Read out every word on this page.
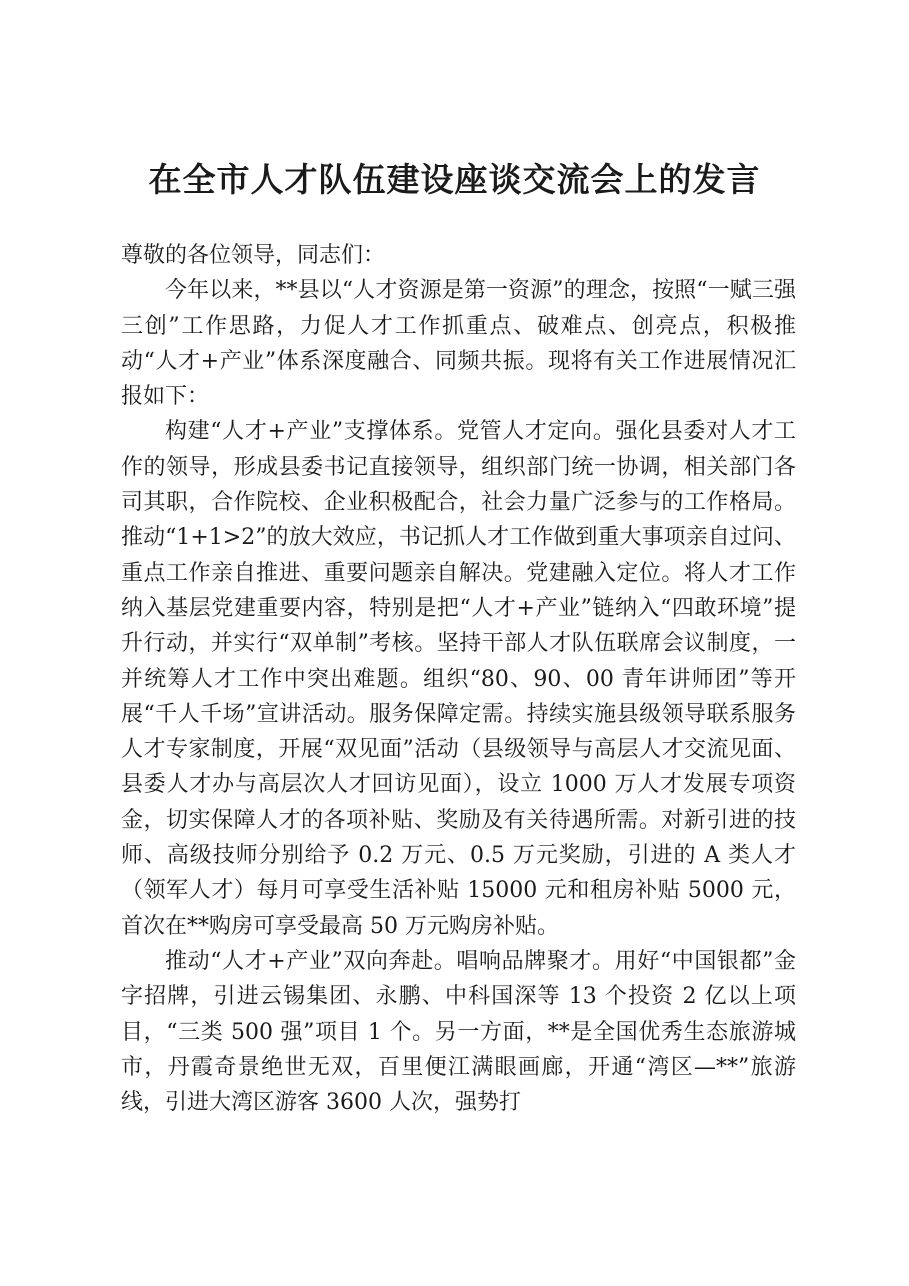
在全市人才队伍建设座谈交流会上的发言

尊敬的各位领导，同志们：

今年以来，**县以“人才资源是第一资源”的理念，按照“一赋三强三创”工作思路，力促人才工作抓重点、破难点、创亮点，积极推动“人才+产业”体系深度融合、同频共振。现将有关工作进展情况汇报如下：

构建“人才+产业”支撑体系。党管人才定向。强化县委对人才工作的领导，形成县委书记直接领导，组织部门统一协调，相关部门各司其职，合作院校、企业积极配合，社会力量广泛参与的工作格局。推动“1+1>2”的放大效应，书记抓人才工作做到重大事项亲自过问、重点工作亲自推进、重要问题亲自解决。党建融入定位。将人才工作纳入基层党建重要内容，特别是把“人才+产业”链纳入“四敢环境”提升行动，并实行“双单制”考核。坚持干部人才队伍联席会议制度，一并统筹人才工作中突出难题。组织“80、90、00 青年讲师团”等开展“千人千场”宣讲活动。服务保障定需。持续实施县级领导联系服务人才专家制度，开展“双见面”活动（县级领导与高层人才交流见面、县委人才办与高层次人才回访见面），设立 1000 万人才发展专项资金，切实保障人才的各项补贴、奖励及有关待遇所需。对新引进的技师、高级技师分别给予 0.2 万元、0.5 万元奖励，引进的 A 类人才（领军人才）每月可享受生活补贴 15000 元和租房补贴 5000 元，首次在**购房可享受最高 50 万元购房补贴。

推动“人才+产业”双向奔赴。唱响品牌聚才。用好“中国银都”金字招牌，引进云锡集团、永鹏、中科国深等 13 个投资 2 亿以上项目，“三类 500 强”项目 1 个。另一方面，**是全国优秀生态旅游城市，丹霞奇景绝世无双，百里便江满眼画廊，开通“湾区—**”旅游线，引进大湾区游客 3600 人次，强势打
